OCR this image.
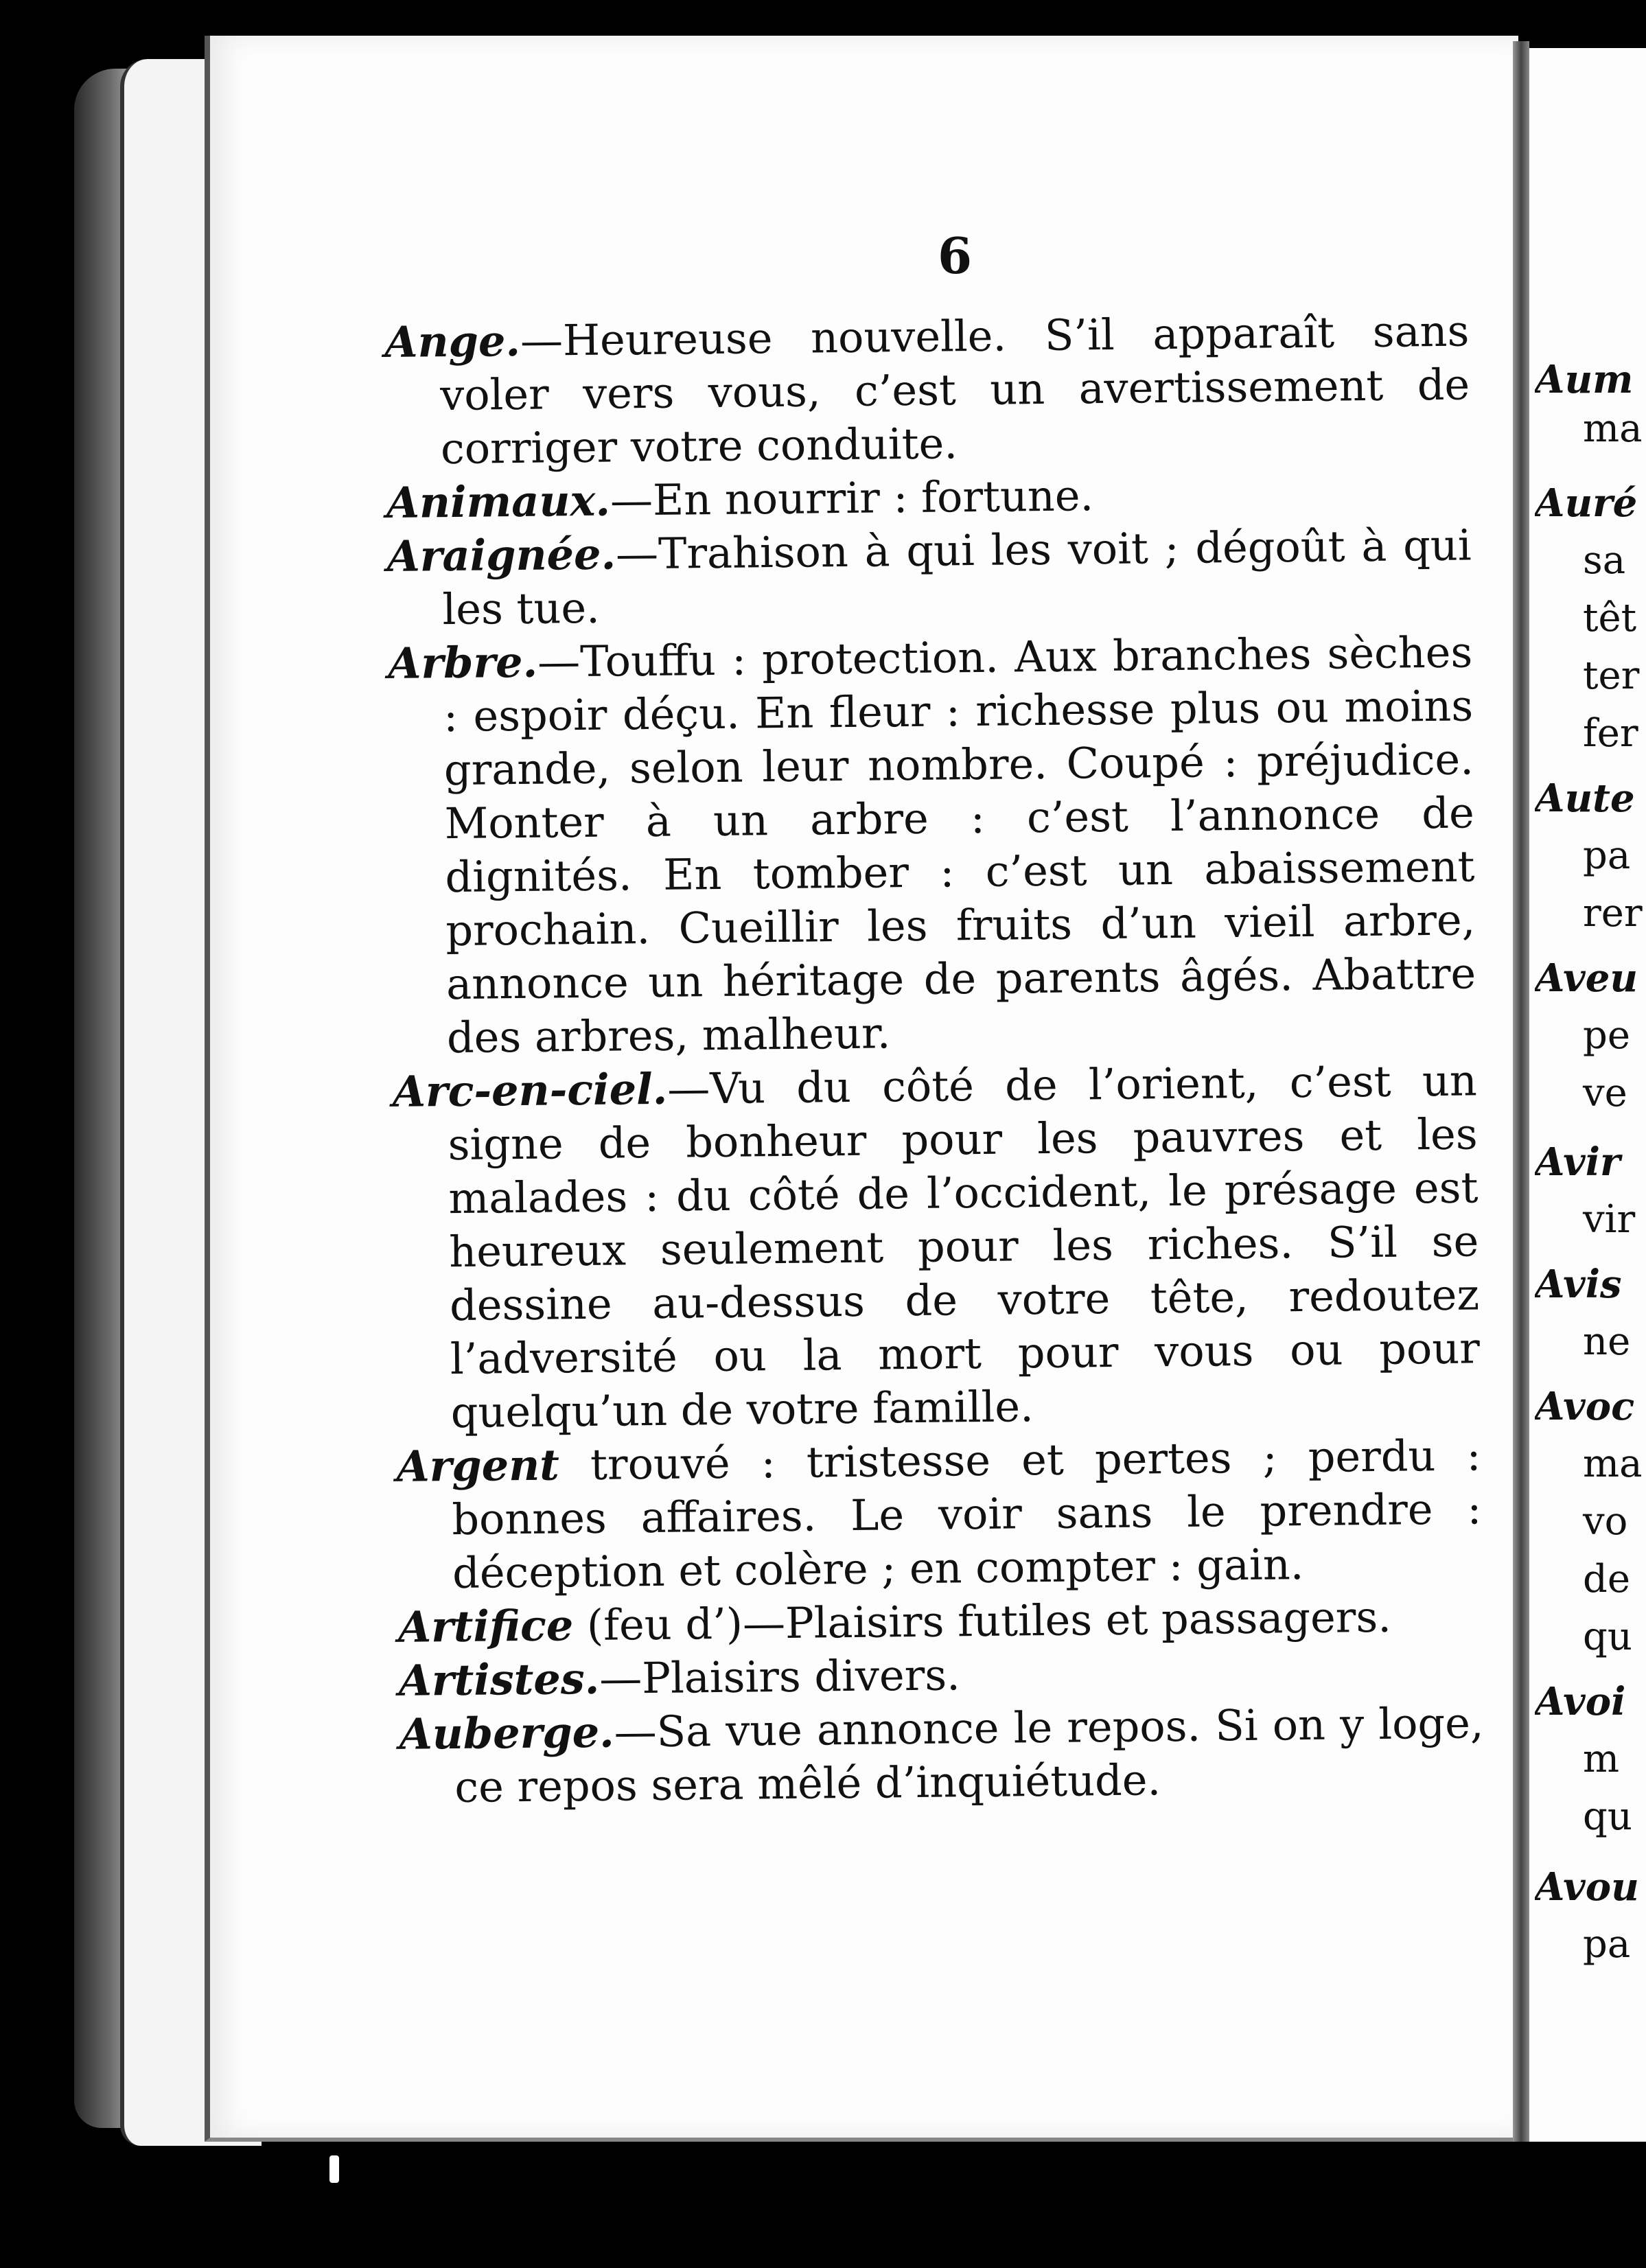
6

Ange.—Heureuse nouvelle. S’il apparaît sans voler vers vous, c’est un avertissement de corriger votre conduite.

Animaux.—En nourrir : fortune.

Araignée.—Trahison à qui les voit ; dégoût à qui les tue.

Arbre.—Touffu : protection. Aux branches sèches : espoir déçu. En fleur : richesse plus ou moins grande, selon leur nombre. Coupé : préjudice. Monter à un arbre : c’est l’annonce de dignités. En tomber : c’est un abaissement prochain. Cueillir les fruits d’un vieil arbre, annonce un héritage de parents âgés. Abattre des arbres, malheur.

Arc-en-ciel.—Vu du côté de l’orient, c’est un signe de bonheur pour les pauvres et les malades : du côté de l’occident, le présage est heureux seulement pour les riches. S’il se dessine au-dessus de votre tête, redoutez l’adversité ou la mort pour vous ou pour quelqu’un de votre famille.

Argent trouvé : tristesse et pertes ; perdu : bonnes affaires. Le voir sans le prendre : déception et colère ; en compter : gain.

Artifice (feu d’)—Plaisirs futiles et passagers.

Artistes.—Plaisirs divers.

Auberge.—Sa vue annonce le repos. Si on y loge, ce repos sera mêlé d’inquiétude.

Aum
ma
Auré
sa
têt
ter
fer
Aute
pa
rer
Aveu
pe
ve
Avir
vir
Avis
ne
Avoc
ma
vo
de
qu
Avoi
m
qu
Avou
pa
